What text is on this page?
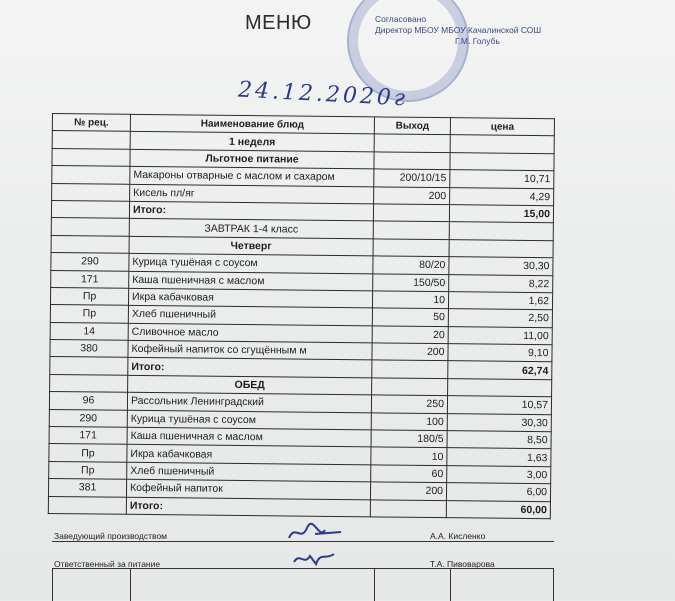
Согласовано
Директор МБОУ МБОУ Качалинской СОШ
Г.М. Голубь
МЕНЮ
24.12.2020г
№ рец.	Наименование блюд	Выход	цена
	1 неделя		
	Льготное питание		
	Макароны отварные с маслом и сахаром	200/10/15	10,71
	Кисель пл/яг	200	4,29
	Итого:		15,00
	ЗАВТРАК 1-4 класс		
	Четверг		
290	Курица тушёная с соусом	80/20	30,30
171	Каша пшеничная с маслом	150/50	8,22
Пр	Икра кабачковая	10	1,62
Пр	Хлеб пшеничный	50	2,50
14	Сливочное масло	20	11,00
380	Кофейный напиток со сгущённым м	200	9,10
	Итого:		62,74
	ОБЕД		
96	Рассольник Ленинградский	250	10,57
290	Курица тушёная с соусом	100	30,30
171	Каша пшеничная с маслом	180/5	8,50
Пр	Икра кабачковая	10	1,63
Пр	Хлеб пшеничный	60	3,00
381	Кофейный напиток	200	6,00
	Итого:		60,00
Заведующий производством	А.А. Кисленко
Ответственный за питание	Т.А. Пивоварова
